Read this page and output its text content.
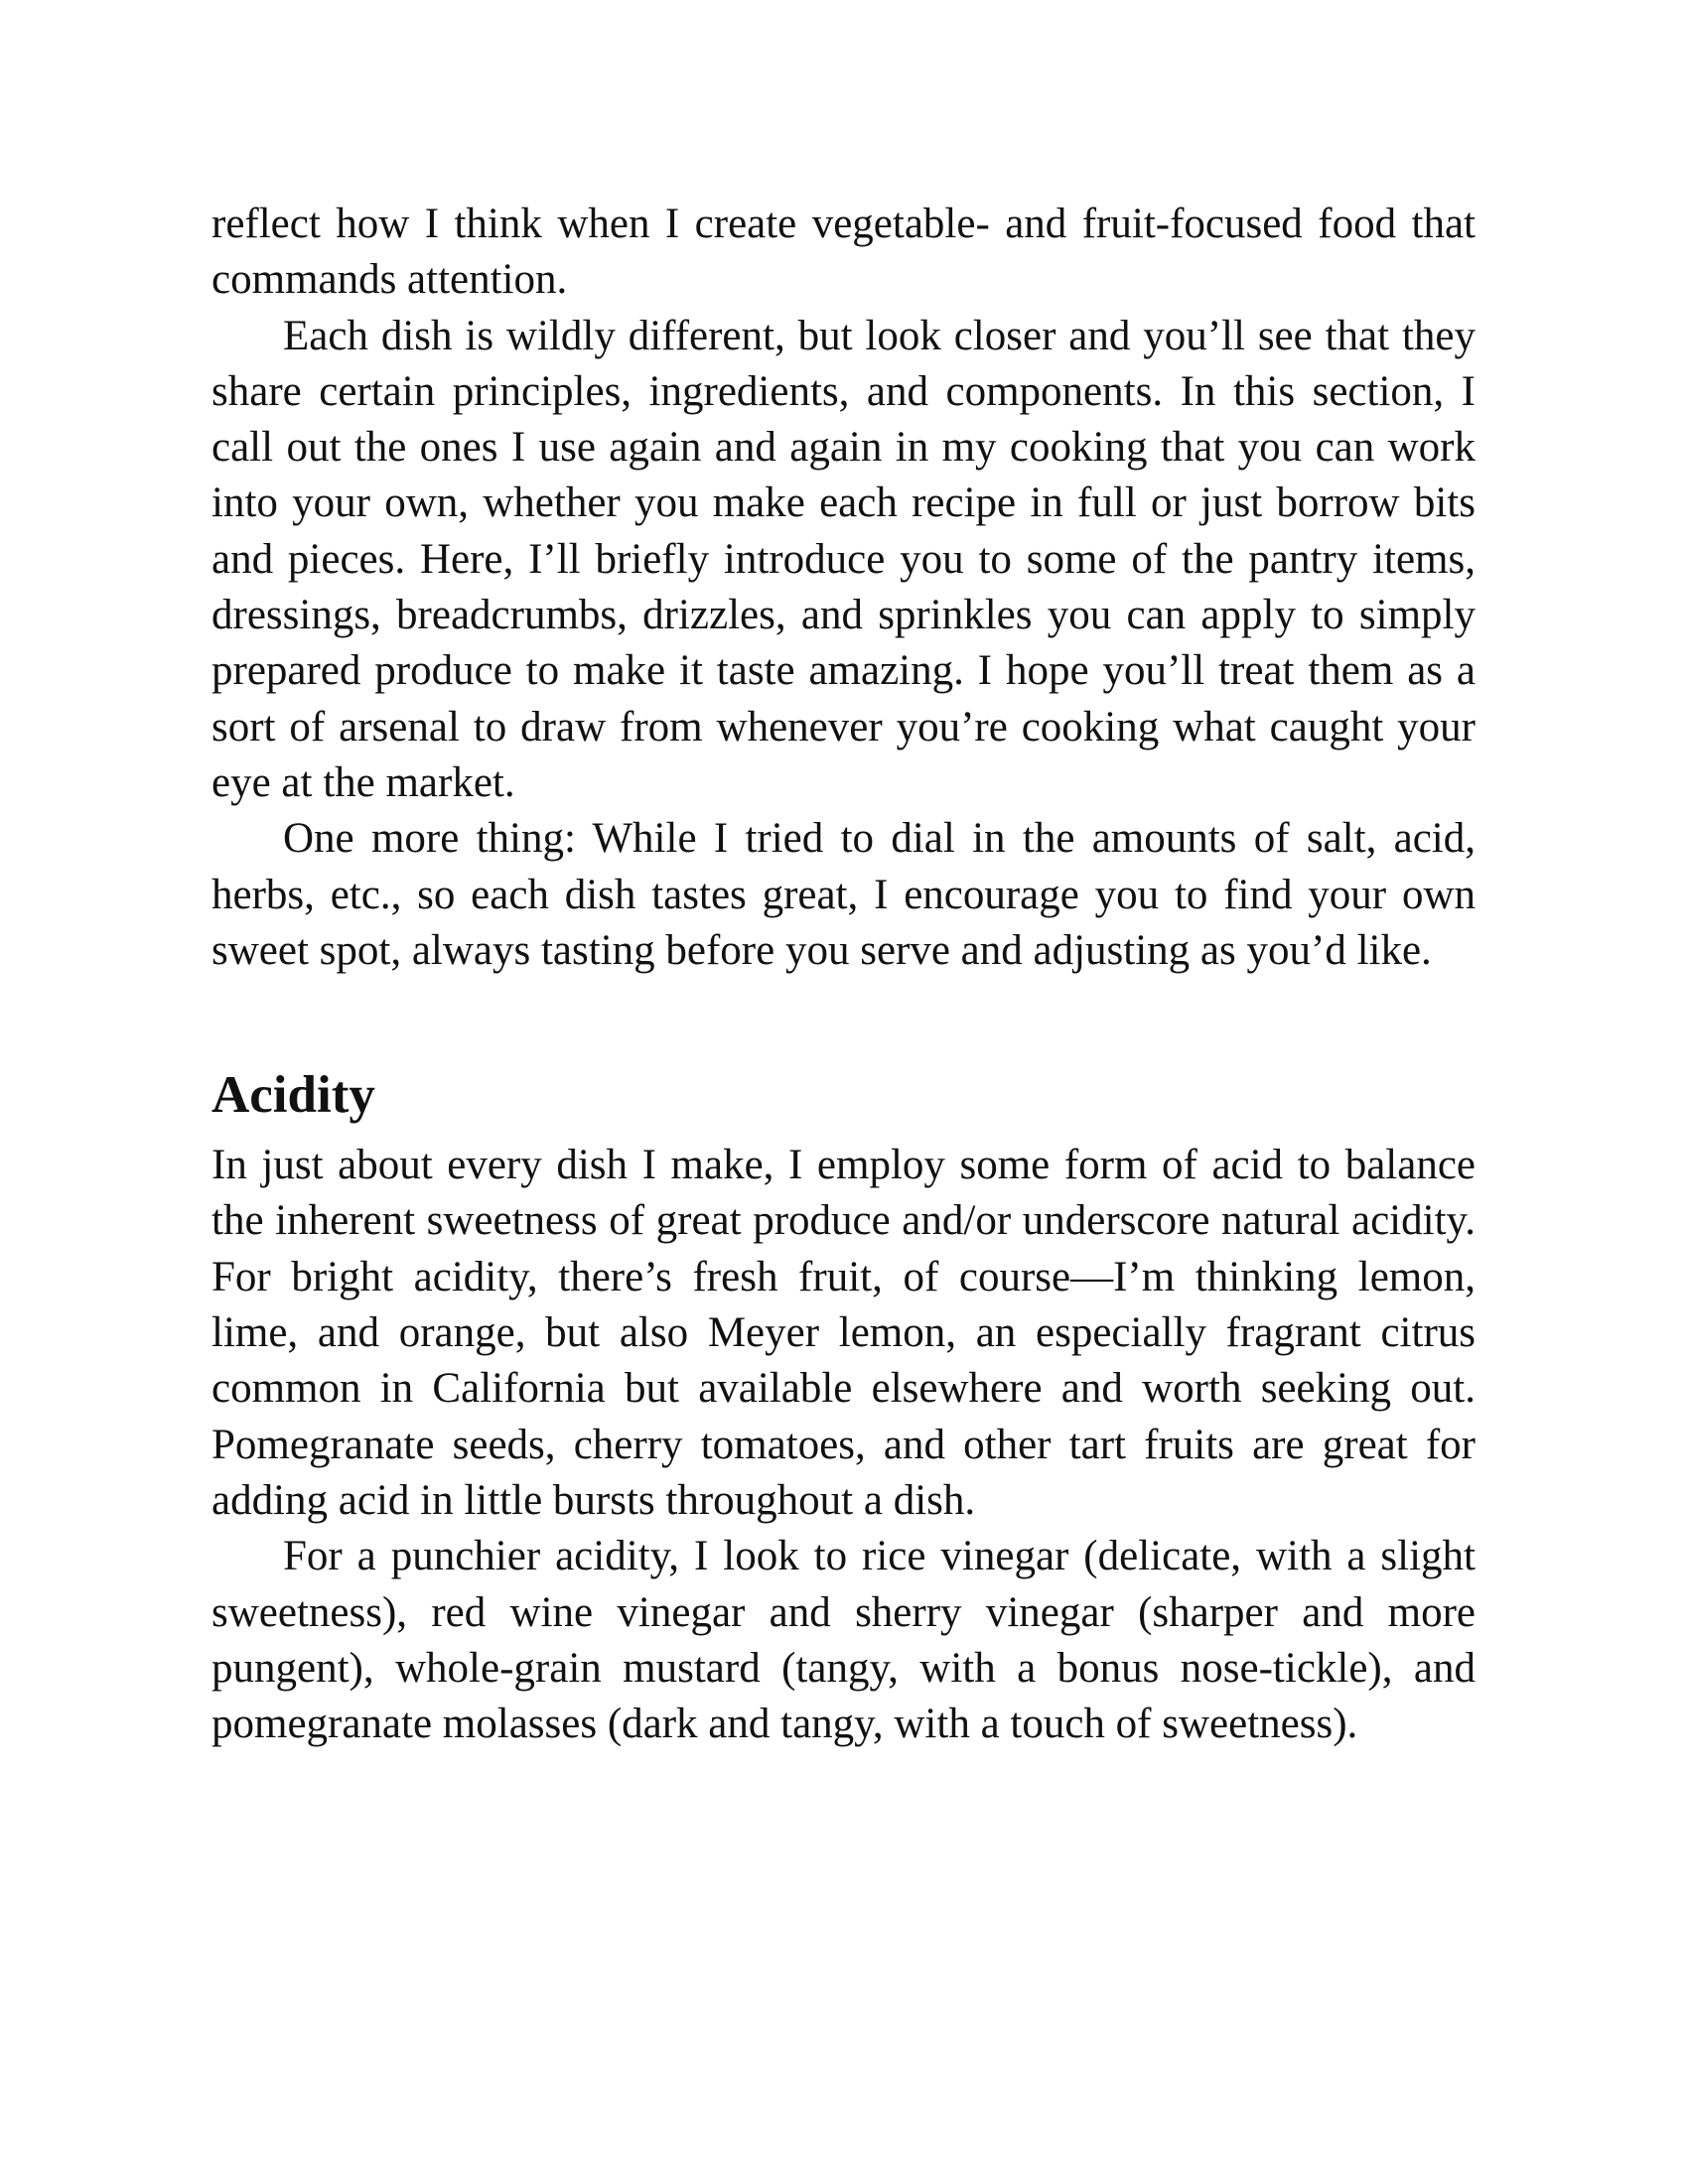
reflect how I think when I create vegetable- and fruit-focused food that commands attention.

Each dish is wildly different, but look closer and you’ll see that they share certain principles, ingredients, and components. In this section, I call out the ones I use again and again in my cooking that you can work into your own, whether you make each recipe in full or just borrow bits and pieces. Here, I’ll briefly introduce you to some of the pantry items, dressings, breadcrumbs, drizzles, and sprinkles you can apply to simply prepared produce to make it taste amazing. I hope you’ll treat them as a sort of arsenal to draw from whenever you’re cooking what caught your eye at the market.

One more thing: While I tried to dial in the amounts of salt, acid, herbs, etc., so each dish tastes great, I encourage you to find your own sweet spot, always tasting before you serve and adjusting as you’d like.

Acidity

In just about every dish I make, I employ some form of acid to balance the inherent sweetness of great produce and/or underscore natural acidity. For bright acidity, there’s fresh fruit, of course—I’m thinking lemon, lime, and orange, but also Meyer lemon, an especially fragrant citrus common in California but available elsewhere and worth seeking out. Pomegranate seeds, cherry tomatoes, and other tart fruits are great for adding acid in little bursts throughout a dish.

For a punchier acidity, I look to rice vinegar (delicate, with a slight sweetness), red wine vinegar and sherry vinegar (sharper and more pungent), whole-grain mustard (tangy, with a bonus nose-tickle), and pomegranate molasses (dark and tangy, with a touch of sweetness).
